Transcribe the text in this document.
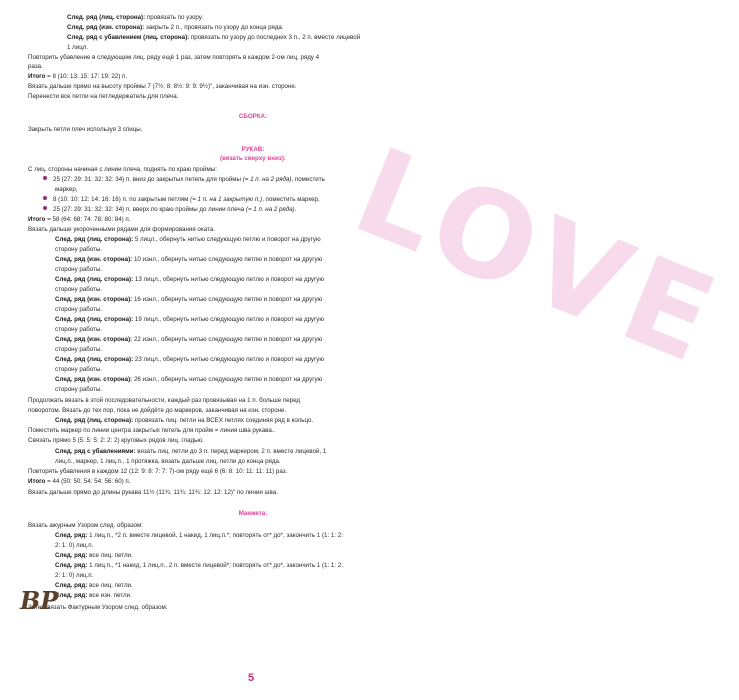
LOVE
След. ряд (лиц. сторона): провязать по узору.
След. ряд (изн. сторона): закрыть 2 п., провязать по узору до конца ряда.
След. ряд с убавлением (лиц. сторона): провязать по узору до последних 3 п., 2 п. вместе лицевой
1 лицл.
Повторить убавление в следующем лиц. ряду ещё 1 раз, затем повторять в каждом 2-ом лиц. ряду 4
раза.
Итого = 8 (10: 13: 15: 17: 19: 22) п.
Вязать дальше прямо на высоту проймы 7 (7½: 8: 8½: 9: 9: 9½)", заканчивая на изн. стороне.
Перенести все петли на петледержатель для плеча.
СБОРКА:
Закрыть петли плеч используя 3 спицы.
РУКАВ:
(вязать сверху вниз):
С лиц. стороны начиная с линии плеча, поднять по краю проймы:
25 (27: 29: 31: 32: 32: 34) п. вниз до закрытых петель для проймы (= 1 п. на 2 ряда), поместить
маркер,
8 (10: 10: 12: 14: 16: 16) п. по закрытым петлям (= 1 п. на 1 закрытую п.), поместить маркер,
25 (27: 29: 31: 32: 32: 34) п. вверх по краю проймы до линии плеча (= 1 п. на 2 ряда).
Итого = 58 (64: 68: 74: 78: 80: 84) п.
Вязать дальше укороченными рядами для формирования оката.
След. ряд (лиц. сторона): 5 лицл., обернуть нитью следующую петлю и поворот на другую
сторону работы.
След. ряд (изн. сторона): 10 изнл., обернуть нитью следующую петлю и поворот на другую
сторону работы.
След. ряд (лиц. сторона): 13 лицл., обернуть нитью следующую петлю и поворот на другую
сторону работы.
След. ряд (изн. сторона): 16 изнл., обернуть нитью следующую петлю и поворот на другую
сторону работы.
След. ряд (лиц. сторона): 19 лицл., обернуть нитью следующую петлю и поворот на другую
сторону работы.
След. ряд (изн. сторона): 22 изнл., обернуть нитью следующую петлю и поворот на другую
сторону работы.
След. ряд (лиц. сторона): 23 лицл., обернуть нитью следующую петлю и поворот на другую
сторону работы.
След. ряд (изн. сторона): 26 изнл., обернуть нитью следующую петлю и поворот на другую
сторону работы.
Продолжать вязать в этой последовательности, каждый раз провязывая на 1 п. больше перед
поворотом. Вязать до тех пор, пока не дойдёте до маркеров, заканчивая на изн. стороне.
След. ряд (лиц. сторона): провязать лиц. петли на ВСЕХ петлях соединяя ряд в кольцо.
Поместить маркер по линии центра закрытых петель для пройм = линия шва рукава..
Связать прямо 5 (5: 5: 5: 2: 2: 2) круговых рядов лиц. гладью.
След. ряд с убавлениями: вязать лиц. петли до 3 п. перед маркером, 2 п. вместе лицевой, 1
лиц.п., маркер, 1 лиц.п., 1 протяжка, вязать дальше лиц. петли до конца ряда.
Повторять убавления в каждом 12 (12: 9: 8: 7: 7: 7)-ом ряду ещё 6 (6: 8: 10: 11: 11: 11) раз.
Итого = 44 (50: 50: 54: 54: 56: 60) п.
Вязать дальше прямо до длины рукава 11½ (11¾: 11¾: 11¾: 12: 12: 12)" по линии шва.
Манжета:
Вязать ажурным Узором след. образом:
След. ряд: 1 лиц.п., *2 п. вместе лицевой, 1 накид, 1 лиц.п.*; повторять от* до*, закончить 1 (1: 1: 2:
2: 1: 0) лиц.п.
След. ряд: все лиц. петли.
След. ряд: 1 лиц.п., *1 накид, 1 лиц.п., 2 п. вместе лицевой*; повторять от* до*, закончить 1 (1: 1: 2:
2: 1: 0) лиц.п.
След. ряд: все лиц. петли.
След. ряд: все изн. петли.
Затем вязать Фактурным Узором след. образом:
BP
5
